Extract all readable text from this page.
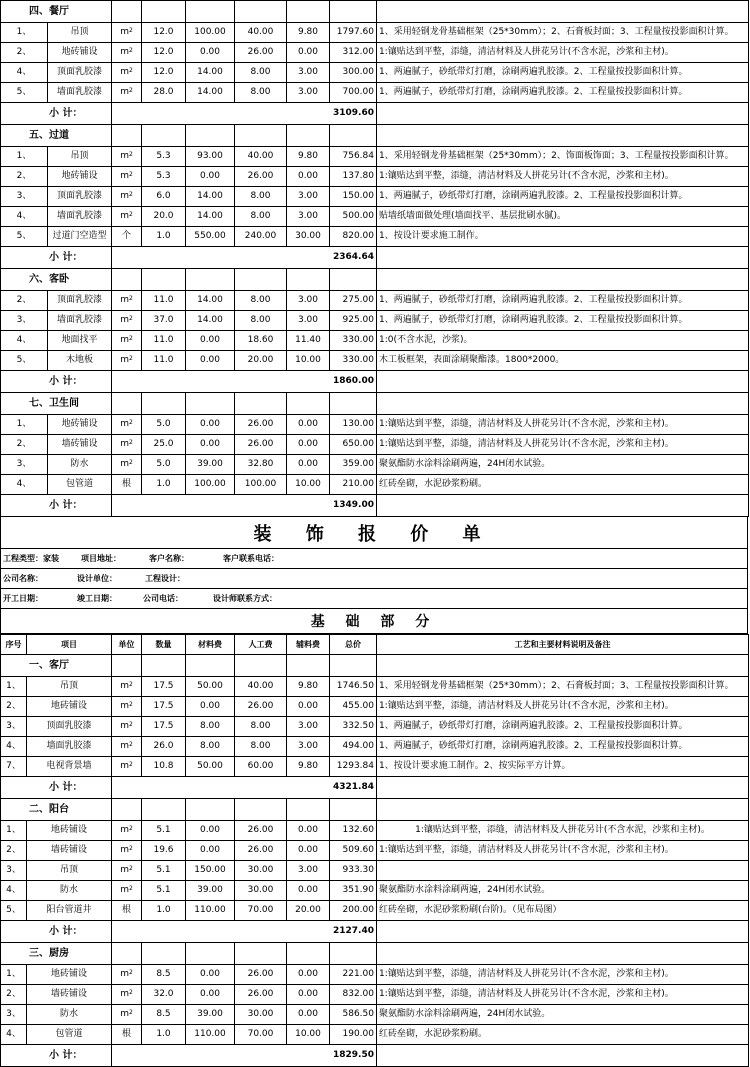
四、餐厅								
1、	吊顶	$m^2$	12.0	100.00	40.00	9.80	1797.60	1、采用轻钢龙骨基础框架（25*30mm）；2、石膏板封面；3、工程量按投影面积计算。
2、	地砖铺设	$m^2$	12.0	0.00	26.00	0.00	312.00	1:镶贴达到平整，添缝，清洁材料及人拼花另计(不含水泥，沙浆和主材)。
4、	顶面乳胶漆	$m^2$	12.0	14.00	8.00	3.00	300.00	1、两遍腻子，砂纸带灯打磨，涂刷两遍乳胶漆。2、工程量按投影面积计算。
5、	墙面乳胶漆	$m^2$	28.0	14.00	8.00	3.00	700.00	1、两遍腻子，砂纸带灯打磨，涂刷两遍乳胶漆。2、工程量按投影面积计算。
小 计：		3109.60						
五、过道								
1、	吊顶	$m^2$	5.3	93.00	40.00	9.80	756.84	1、采用轻钢龙骨基础框架（25*30mm）；2、饰面板饰面；3、工程量按投影面积计算。
2、	地砖铺设	$m^2$	5.3	0.00	26.00	0.00	137.80	1:镶贴达到平整，添缝，清洁材料及人拼花另计(不含水泥，沙浆和主材)。
3、	顶面乳胶漆	$m^2$	6.0	14.00	8.00	3.00	150.00	1、两遍腻子，砂纸带灯打磨，涂刷两遍乳胶漆。2、工程量按投影面积计算。
4、	墙面乳胶漆	$m^2$	20.0	14.00	8.00	3.00	500.00	贴墙纸墙面做处理(墙面找平、基层批刷水腻)。
5、	过道门空造型	个	1.0	550.00	240.00	30.00	820.00	1、按设计要求施工制作。
小 计：		2364.64						
六、客卧								
2、	顶面乳胶漆	$m^2$	11.0	14.00	8.00	3.00	275.00	1、两遍腻子，砂纸带灯打磨，涂刷两遍乳胶漆。2、工程量按投影面积计算。
3、	墙面乳胶漆	$m^2$	37.0	14.00	8.00	3.00	925.00	1、两遍腻子，砂纸带灯打磨，涂刷两遍乳胶漆。2、工程量按投影面积计算。
4、	地面找平	$m^2$	11.0	0.00	18.60	11.40	330.00	1:0(不含水泥，沙浆)。
5、	木地板	$m^2$	11.0	0.00	20.00	10.00	330.00	木工板框架，表面涂刷聚酯漆。1800*2000。
小 计：		1860.00						
七、卫生间								
1、	地砖铺设	$m^2$	5.0	0.00	26.00	0.00	130.00	1:镶贴达到平整，添缝，清洁材料及人拼花另计(不含水泥，沙浆和主材)。
2、	墙砖铺设	$m^2$	25.0	0.00	26.00	0.00	650.00	1:镶贴达到平整，添缝，清洁材料及人拼花另计(不含水泥，沙浆和主材)。
3、	防水	$m^2$	5.0	39.00	32.80	0.00	359.00	聚氨酯防水涂料涂刷两遍，24H闭水试验。
4、	包管道	根	1.0	100.00	100.00	10.00	210.00	红砖垒砌，水泥砂浆粉刷。
小 计：		1349.00						
装 饰 报 价 单
工程类型：家装	项目地址：	客户名称：	客户联系电话：
公司名称：	设计单位：	工程设计：
开工日期：	竣工日期：	公司电话：	设计师联系方式：
基 础 部 分
序号	项目	单位	数量	材料费	人工费	辅料费	总价	工艺和主要材料说明及备注
一、客厅								
1、	吊顶	$m^2$	17.5	50.00	40.00	9.80	1746.50	1、采用轻钢龙骨基础框架（25*30mm）；2、石膏板封面；3、工程量按投影面积计算。
2、	地砖铺设	$m^2$	17.5	0.00	26.00	0.00	455.00	1:镶贴达到平整，添缝，清洁材料及人拼花另计(不含水泥，沙浆和主材)。
3、	顶面乳胶漆	$m^2$	17.5	8.00	8.00	3.00	332.50	1、两遍腻子，砂纸带灯打磨，涂刷两遍乳胶漆。2、工程量按投影面积计算。
4、	墙面乳胶漆	$m^2$	26.0	8.00	8.00	3.00	494.00	1、两遍腻子，砂纸带灯打磨，涂刷两遍乳胶漆。2、工程量按投影面积计算。
7、	电视背景墙	$m^2$	10.8	50.00	60.00	9.80	1293.84	1、按设计要求施工制作。2、按实际平方计算。
小 计：		4321.84						
二、阳台								
1、	地砖铺设	$m^2$	5.1	0.00	26.00	0.00	132.60	1:镶贴达到平整，添缝，清洁材料及人拼花另计(不含水泥，沙浆和主材)。
2、	墙砖铺设	$m^2$	19.6	0.00	26.00	0.00	509.60	1:镶贴达到平整，添缝，清洁材料及人拼花另计(不含水泥，沙浆和主材)。
3、	吊顶	$m^2$	5.1	150.00	30.00	3.00	933.30	
4、	防水	$m^2$	5.1	39.00	30.00	0.00	351.90	聚氨酯防水涂料涂刷两遍，24H闭水试验。
5、	阳台管道井	根	1.0	110.00	70.00	20.00	200.00	红砖垒砌，水泥砂浆粉刷(台阶)。（见布局图）
小 计：		2127.40						
三、厨房								
1、	地砖铺设	$m^2$	8.5	0.00	26.00	0.00	221.00	1:镶贴达到平整，添缝，清洁材料及人拼花另计(不含水泥，沙浆和主材)。
2、	墙砖铺设	$m^2$	32.0	0.00	26.00	0.00	832.00	1:镶贴达到平整，添缝，清洁材料及人拼花另计(不含水泥，沙浆和主材)。
3、	防水	$m^2$	8.5	39.00	30.00	0.00	586.50	聚氨酯防水涂料涂刷两遍，24H闭水试验。
4、	包管道	根	1.0	110.00	70.00	10.00	190.00	红砖垒砌，水泥砂浆粉刷。
小 计：		1829.50						
